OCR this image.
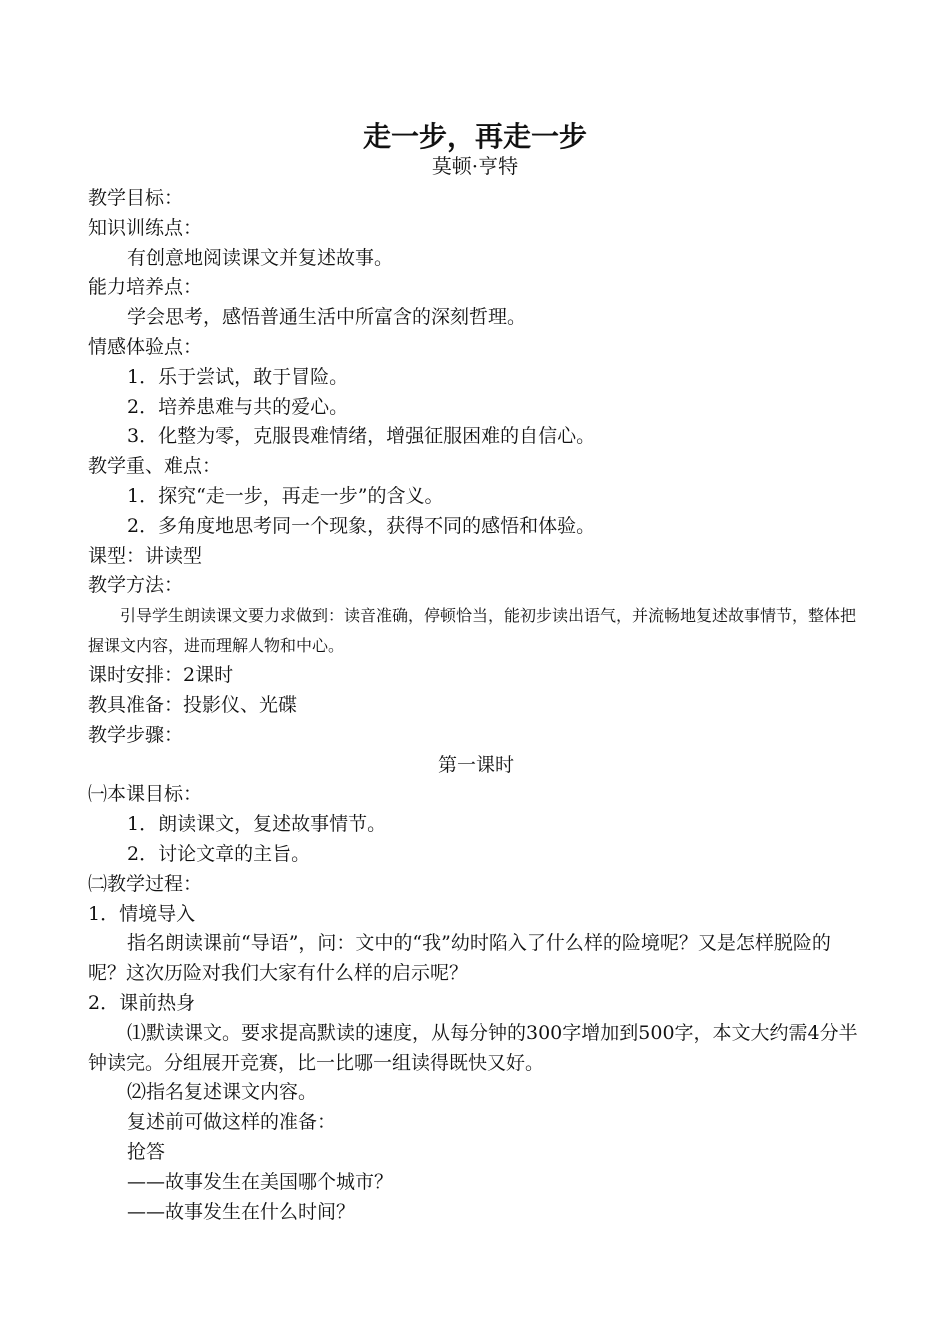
走一步，再走一步
莫顿·亨特
教学目标：
知识训练点：
有创意地阅读课文并复述故事。
能力培养点：
学会思考，感悟普通生活中所富含的深刻哲理。
情感体验点：
1．乐于尝试，敢于冒险。
2．培养患难与共的爱心。
3．化整为零，克服畏难情绪，增强征服困难的自信心。
教学重、难点：
1．探究“走一步，再走一步”的含义。
2．多角度地思考同一个现象，获得不同的感悟和体验。
课型：讲读型
教学方法：
引导学生朗读课文要力求做到：读音准确，停顿恰当，能初步读出语气，并流畅地复述故事情节，整体把握课文内容，进而理解人物和中心。
课时安排：2课时
教具准备：投影仪、光碟
教学步骤：
第一课时
㈠本课目标：
1．朗读课文，复述故事情节。
2．讨论文章的主旨。
㈡教学过程：
1．情境导入
指名朗读课前“导语”，问：文中的“我”幼时陷入了什么样的险境呢？又是怎样脱险的呢？这次历险对我们大家有什么样的启示呢？
2．课前热身
⑴默读课文。要求提高默读的速度，从每分钟的300字增加到500字，本文大约需4分半钟读完。分组展开竞赛，比一比哪一组读得既快又好。
⑵指名复述课文内容。
复述前可做这样的准备：
抢答
——故事发生在美国哪个城市？
——故事发生在什么时间？
